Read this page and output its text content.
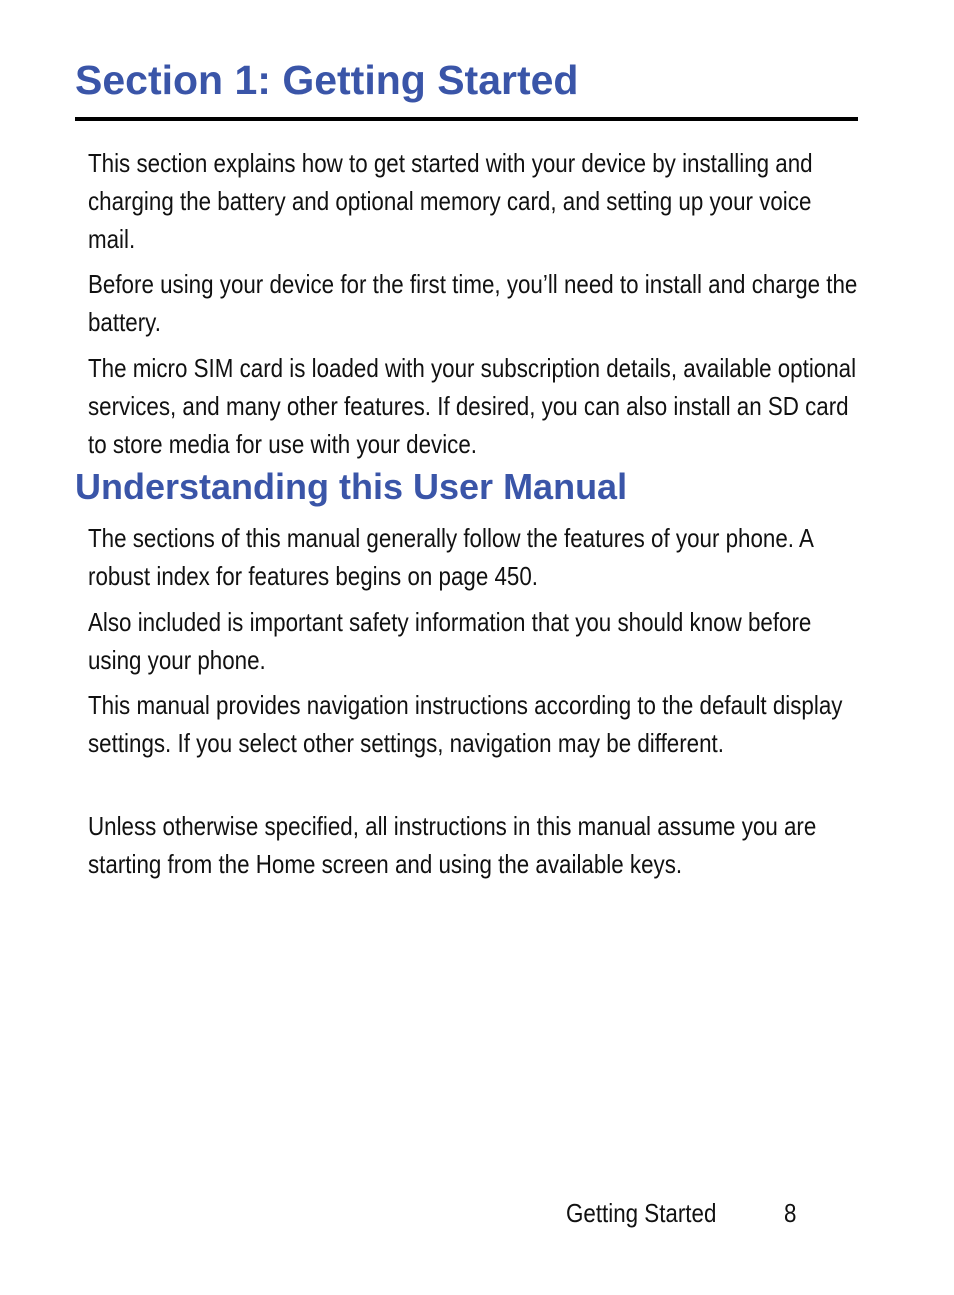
Section 1: Getting Started

This section explains how to get started with your device by installing and charging the battery and optional memory card, and setting up your voice mail.

Before using your device for the first time, you’ll need to install and charge the battery.

The micro SIM card is loaded with your subscription details, available optional services, and many other features. If desired, you can also install an SD card to store media for use with your device.

Understanding this User Manual

The sections of this manual generally follow the features of your phone. A robust index for features begins on page 450.

Also included is important safety information that you should know before using your phone.

This manual provides navigation instructions according to the default display settings. If you select other settings, navigation may be different.

Unless otherwise specified, all instructions in this manual assume you are starting from the Home screen and using the available keys.

Getting Started	8
